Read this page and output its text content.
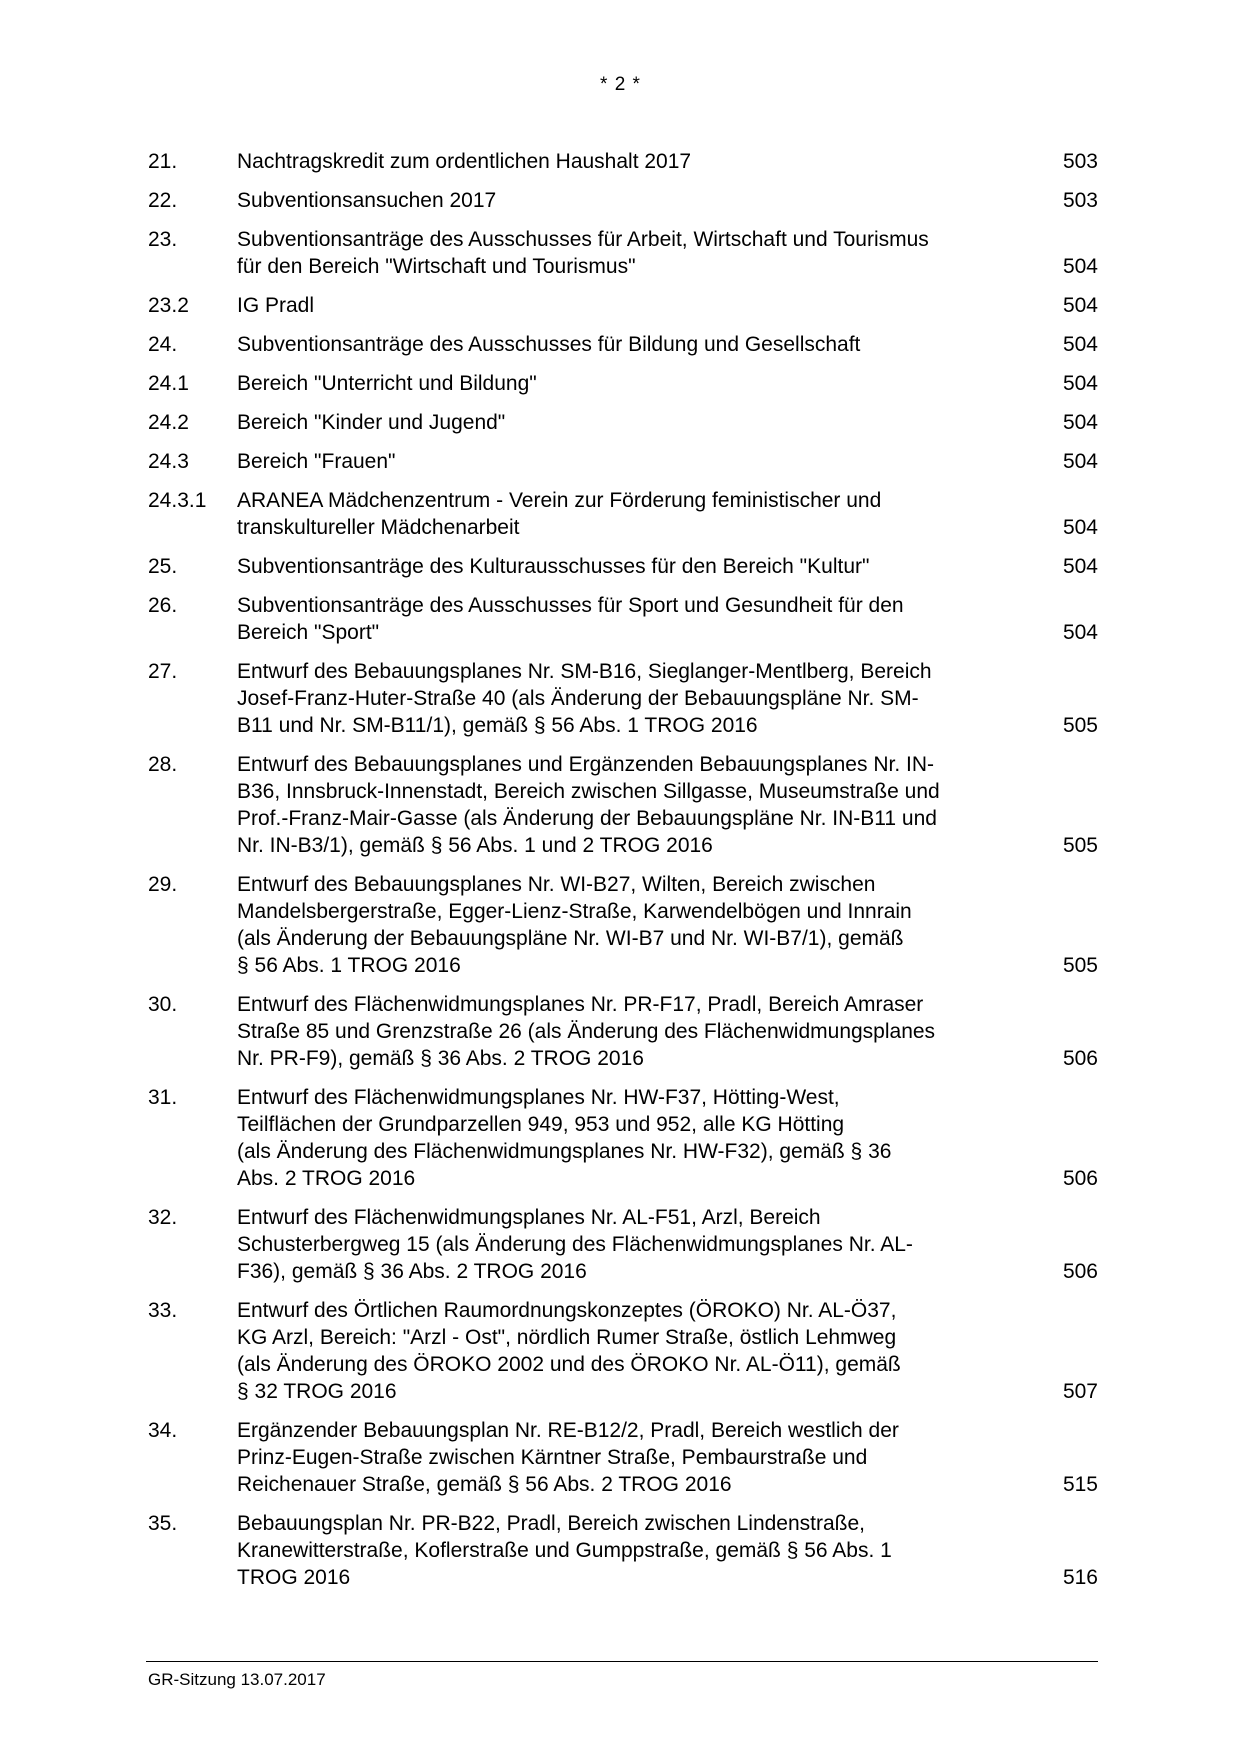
* 2 *
21.	Nachtragskredit zum ordentlichen Haushalt 2017	503
22.	Subventionsansuchen 2017	503
23.	Subventionsanträge des Ausschusses für Arbeit, Wirtschaft und Tourismus
für den Bereich "Wirtschaft und Tourismus"	504
23.2	IG Pradl	504
24.	Subventionsanträge des Ausschusses für Bildung und Gesellschaft	504
24.1	Bereich "Unterricht und Bildung"	504
24.2	Bereich "Kinder und Jugend"	504
24.3	Bereich "Frauen"	504
24.3.1	ARANEA Mädchenzentrum - Verein zur Förderung feministischer und
transkultureller Mädchenarbeit	504
25.	Subventionsanträge des Kulturausschusses für den Bereich "Kultur"	504
26.	Subventionsanträge des Ausschusses für Sport und Gesundheit für den
Bereich "Sport"	504
27.	Entwurf des Bebauungsplanes Nr. SM-B16, Sieglanger-Mentlberg, Bereich
Josef-Franz-Huter-Straße 40 (als Änderung der Bebauungspläne Nr. SM-
B11 und Nr. SM-B11/1), gemäß § 56 Abs. 1 TROG 2016	505
28.	Entwurf des Bebauungsplanes und Ergänzenden Bebauungsplanes Nr. IN-
B36, Innsbruck-Innenstadt, Bereich zwischen Sillgasse, Museumstraße und
Prof.-Franz-Mair-Gasse (als Änderung der Bebauungspläne Nr. IN-B11 und
Nr. IN-B3/1), gemäß § 56 Abs. 1 und 2 TROG 2016	505
29.	Entwurf des Bebauungsplanes Nr. WI-B27, Wilten, Bereich zwischen
Mandelsbergerstraße, Egger-Lienz-Straße, Karwendelbögen und Innrain
(als Änderung der Bebauungspläne Nr. WI-B7 und Nr. WI-B7/1), gemäß
§ 56 Abs. 1 TROG 2016	505
30.	Entwurf des Flächenwidmungsplanes Nr. PR-F17, Pradl, Bereich Amraser
Straße 85 und Grenzstraße 26 (als Änderung des Flächenwidmungsplanes
Nr. PR-F9), gemäß § 36 Abs. 2 TROG 2016	506
31.	Entwurf des Flächenwidmungsplanes Nr. HW-F37, Hötting-West,
Teilflächen der Grundparzellen 949, 953 und 952, alle KG Hötting
(als Änderung des Flächenwidmungsplanes Nr. HW-F32), gemäß § 36
Abs. 2 TROG 2016	506
32.	Entwurf des Flächenwidmungsplanes Nr. AL-F51, Arzl, Bereich
Schusterbergweg 15 (als Änderung des Flächenwidmungsplanes Nr. AL-
F36), gemäß § 36 Abs. 2 TROG 2016	506
33.	Entwurf des Örtlichen Raumordnungskonzeptes (ÖROKO) Nr. AL-Ö37,
KG Arzl, Bereich: "Arzl - Ost", nördlich Rumer Straße, östlich Lehmweg
(als Änderung des ÖROKO 2002 und des ÖROKO Nr. AL-Ö11), gemäß
§ 32 TROG 2016	507
34.	Ergänzender Bebauungsplan Nr. RE-B12/2, Pradl, Bereich westlich der
Prinz-Eugen-Straße zwischen Kärntner Straße, Pembaurstraße und
Reichenauer Straße, gemäß § 56 Abs. 2 TROG 2016	515
35.	Bebauungsplan Nr. PR-B22, Pradl, Bereich zwischen Lindenstraße,
Kranewitterstraße, Koflerstraße und Gumppstraße, gemäß § 56 Abs. 1
TROG 2016	516
GR-Sitzung 13.07.2017
